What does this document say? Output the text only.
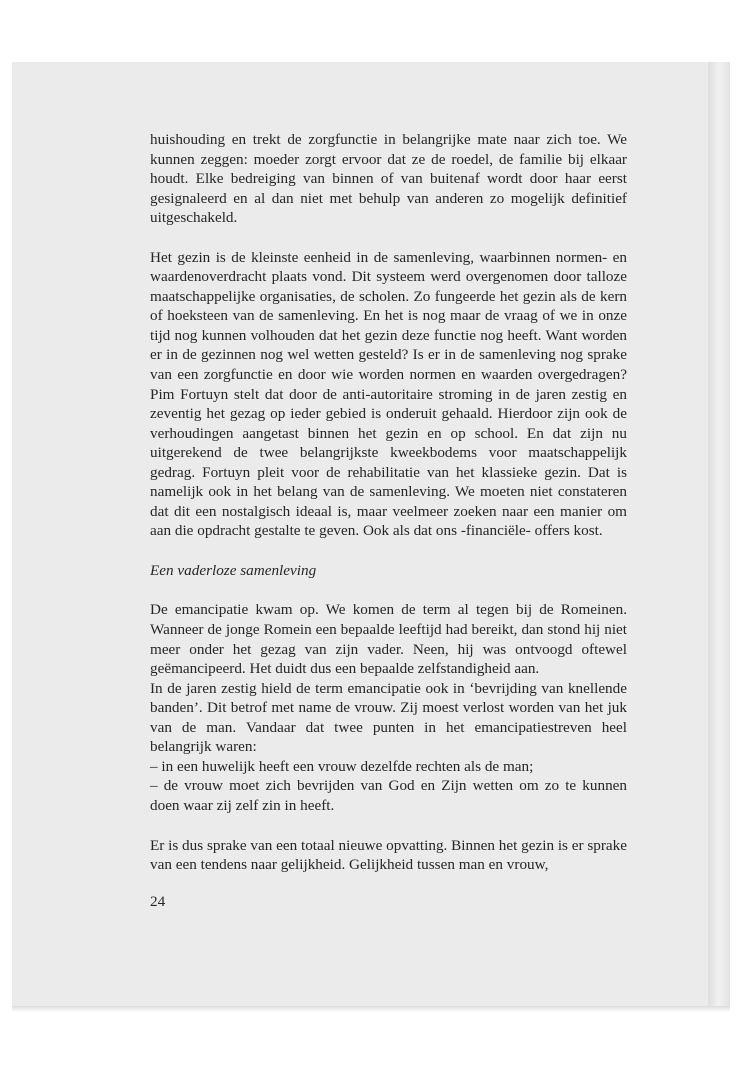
huishouding en trekt de zorgfunctie in belangrijke mate naar zich toe. We kunnen zeggen: moeder zorgt ervoor dat ze de roedel, de familie bij elkaar houdt. Elke bedreiging van binnen of van buitenaf wordt door haar eerst gesignaleerd en al dan niet met behulp van anderen zo mogelijk definitief uitgeschakeld.

Het gezin is de kleinste eenheid in de samenleving, waarbinnen normen- en waardenoverdracht plaats vond. Dit systeem werd overgenomen door talloze maatschappelijke organisaties, de scholen. Zo fungeerde het gezin als de kern of hoeksteen van de samenleving. En het is nog maar de vraag of we in onze tijd nog kunnen volhouden dat het gezin deze functie nog heeft. Want worden er in de gezinnen nog wel wetten gesteld? Is er in de samenleving nog sprake van een zorgfunctie en door wie worden normen en waarden overgedragen? Pim Fortuyn stelt dat door de anti-autoritaire stroming in de jaren zestig en zeventig het gezag op ieder gebied is onderuit gehaald. Hierdoor zijn ook de verhoudingen aangetast binnen het gezin en op school. En dat zijn nu uitgerekend de twee belangrijkste kweekbodems voor maatschappelijk gedrag. Fortuyn pleit voor de rehabilitatie van het klassieke gezin. Dat is namelijk ook in het belang van de samenleving. We moeten niet constateren dat dit een nostalgisch ideaal is, maar veelmeer zoeken naar een manier om aan die opdracht gestalte te geven. Ook als dat ons -financiële- offers kost.

Een vaderloze samenleving

De emancipatie kwam op. We komen de term al tegen bij de Romeinen. Wanneer de jonge Romein een bepaalde leeftijd had bereikt, dan stond hij niet meer onder het gezag van zijn vader. Neen, hij was ontvoogd oftewel geëmancipeerd. Het duidt dus een bepaalde zelfstandigheid aan.

In de jaren zestig hield de term emancipatie ook in ‘bevrijding van knellende banden’. Dit betrof met name de vrouw. Zij moest verlost worden van het juk van de man. Vandaar dat twee punten in het emancipatiestreven heel belangrijk waren:

– in een huwelijk heeft een vrouw dezelfde rechten als de man;

– de vrouw moet zich bevrijden van God en Zijn wetten om zo te kunnen doen waar zij zelf zin in heeft.

Er is dus sprake van een totaal nieuwe opvatting. Binnen het gezin is er sprake van een tendens naar gelijkheid. Gelijkheid tussen man en vrouw,

24
